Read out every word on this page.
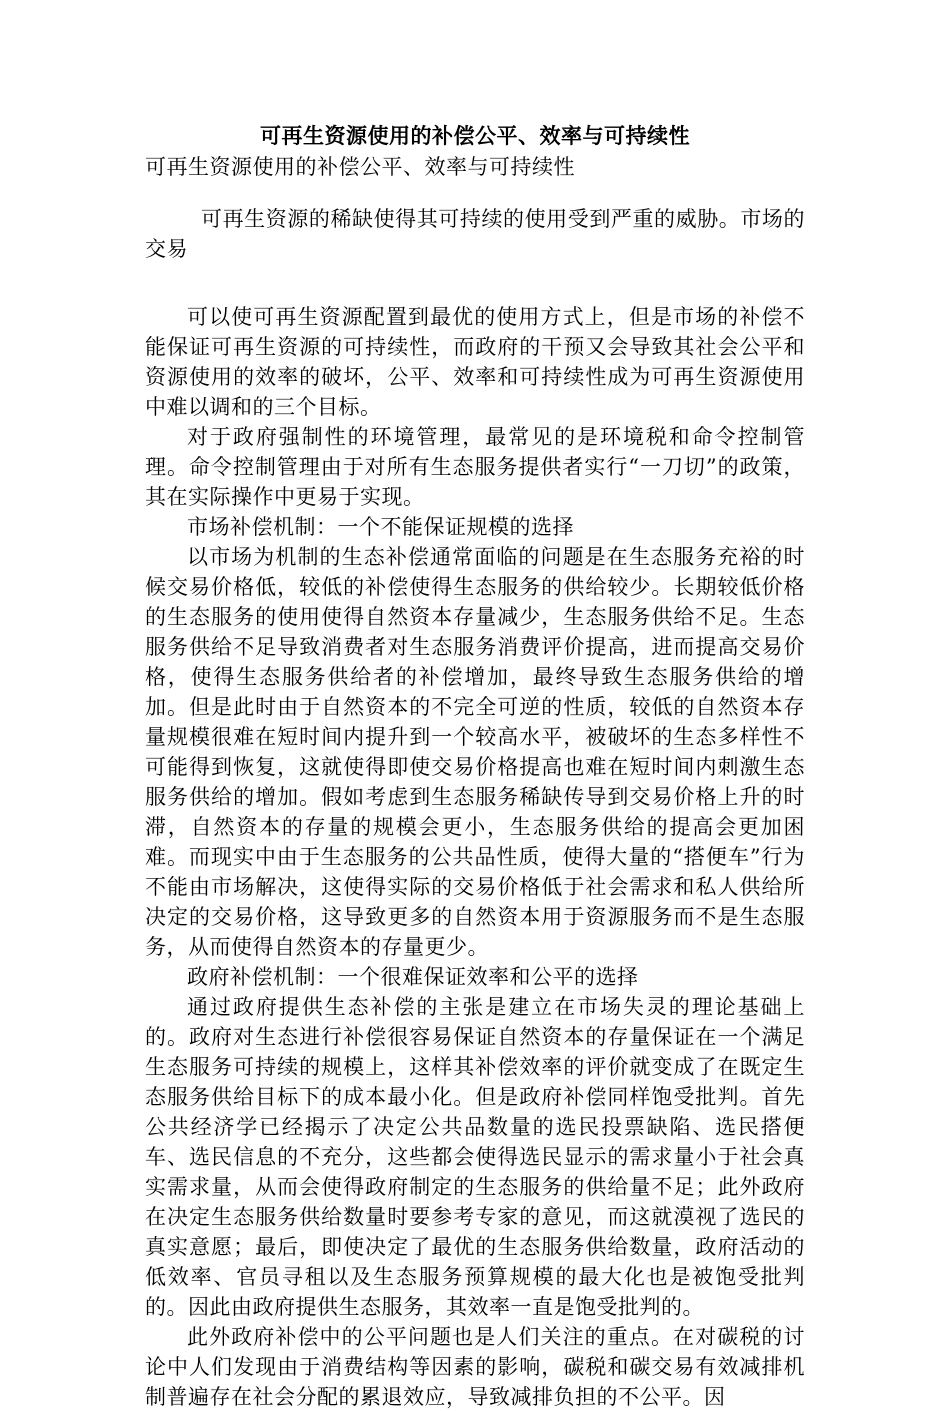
可再生资源使用的补偿公平、效率与可持续性

可再生资源使用的补偿公平、效率与可持续性

可再生资源的稀缺使得其可持续的使用受到严重的威胁。市场的交易

可以使可再生资源配置到最优的使用方式上，但是市场的补偿不能保证可再生资源的可持续性，而政府的干预又会导致其社会公平和资源使用的效率的破坏，公平、效率和可持续性成为可再生资源使用中难以调和的三个目标。

对于政府强制性的环境管理，最常见的是环境税和命令控制管理。命令控制管理由于对所有生态服务提供者实行“一刀切”的政策，其在实际操作中更易于实现。

市场补偿机制：一个不能保证规模的选择

以市场为机制的生态补偿通常面临的问题是在生态服务充裕的时候交易价格低，较低的补偿使得生态服务的供给较少。长期较低价格的生态服务的使用使得自然资本存量减少，生态服务供给不足。生态服务供给不足导致消费者对生态服务消费评价提高，进而提高交易价格，使得生态服务供给者的补偿增加，最终导致生态服务供给的增加。但是此时由于自然资本的不完全可逆的性质，较低的自然资本存量规模很难在短时间内提升到一个较高水平，被破坏的生态多样性不可能得到恢复，这就使得即使交易价格提高也难在短时间内刺激生态服务供给的增加。假如考虑到生态服务稀缺传导到交易价格上升的时滞，自然资本的存量的规模会更小，生态服务供给的提高会更加困难。而现实中由于生态服务的公共品性质，使得大量的“搭便车”行为不能由市场解决，这使得实际的交易价格低于社会需求和私人供给所决定的交易价格，这导致更多的自然资本用于资源服务而不是生态服务，从而使得自然资本的存量更少。

政府补偿机制：一个很难保证效率和公平的选择

通过政府提供生态补偿的主张是建立在市场失灵的理论基础上的。政府对生态进行补偿很容易保证自然资本的存量保证在一个满足生态服务可持续的规模上，这样其补偿效率的评价就变成了在既定生态服务供给目标下的成本最小化。但是政府补偿同样饱受批判。首先公共经济学已经揭示了决定公共品数量的选民投票缺陷、选民搭便车、选民信息的不充分，这些都会使得选民显示的需求量小于社会真实需求量，从而会使得政府制定的生态服务的供给量不足；此外政府在决定生态服务供给数量时要参考专家的意见，而这就漠视了选民的真实意愿；最后，即使决定了最优的生态服务供给数量，政府活动的低效率、官员寻租以及生态服务预算规模的最大化也是被饱受批判的。因此由政府提供生态服务，其效率一直是饱受批判的。

此外政府补偿中的公平问题也是人们关注的重点。在对碳税的讨论中人们发现由于消费结构等因素的影响，碳税和碳交易有效减排机制普遍存在社会分配的累退效应，导致减排负担的不公平。因
